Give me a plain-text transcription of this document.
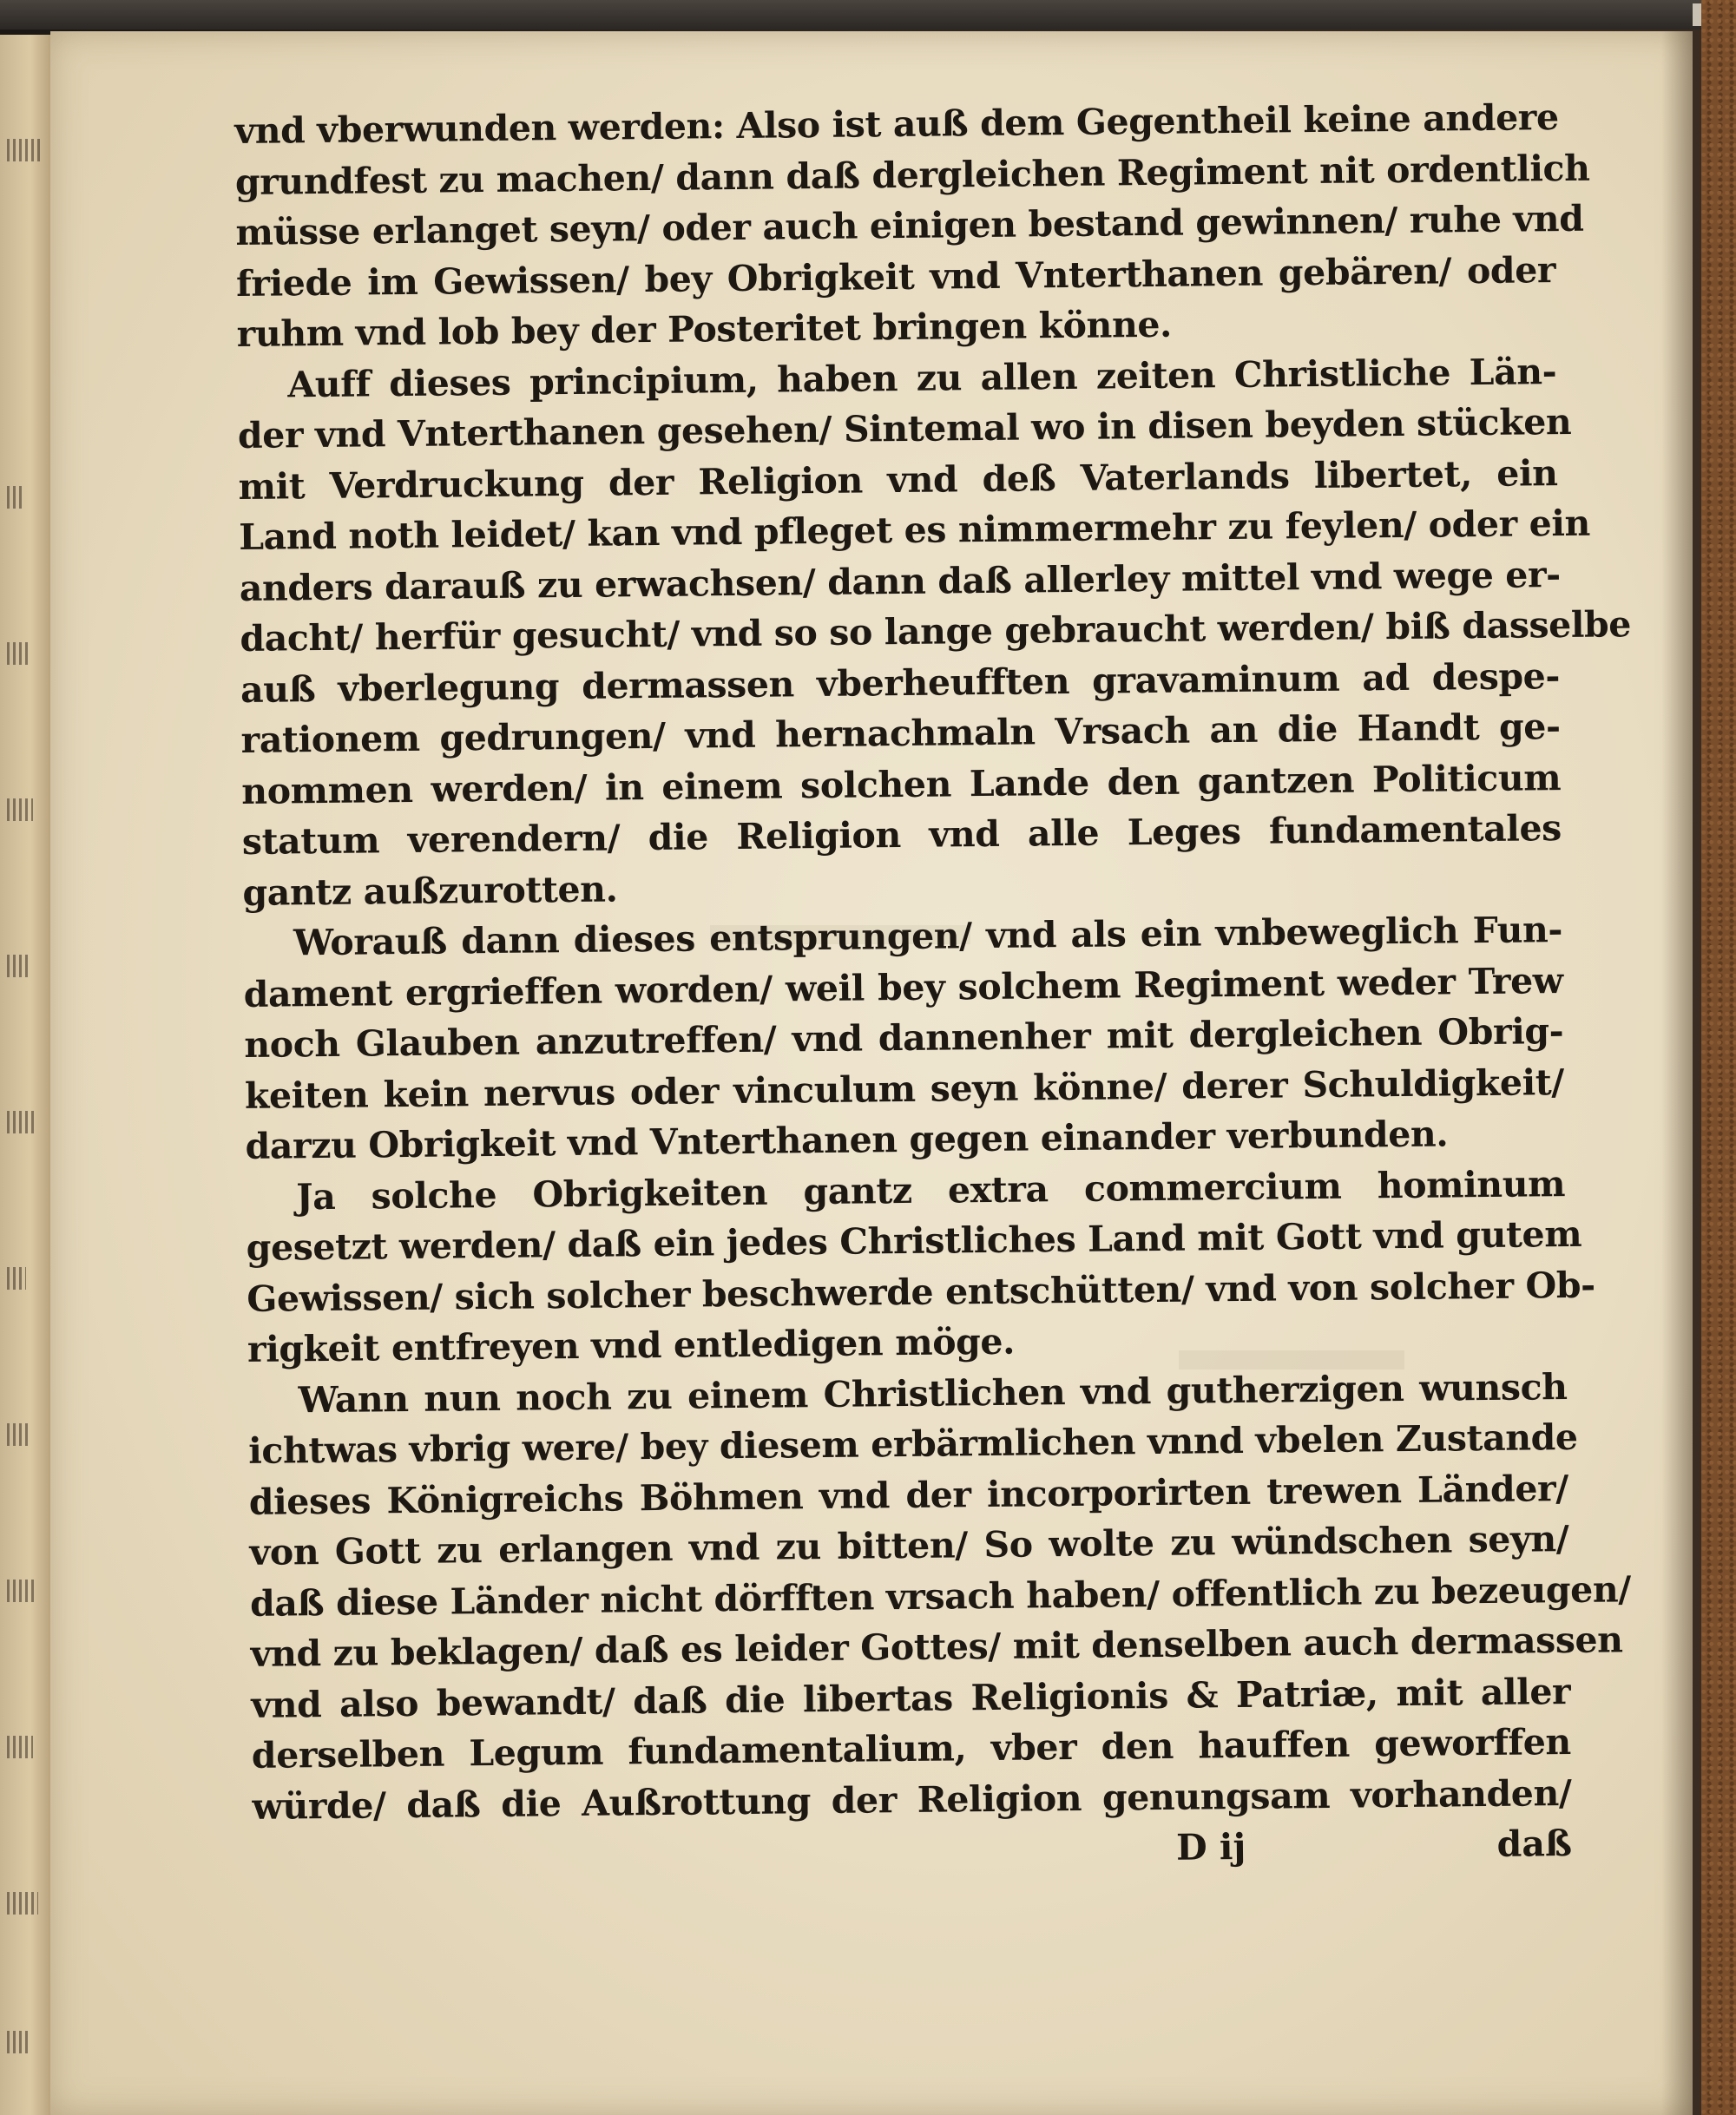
vnd vberwunden werden: Also ist auß dem Gegentheil keine andere
grundfest zu machen/ dann daß dergleichen Regiment nit ordentlich
müsse erlanget seyn/ oder auch einigen bestand gewinnen/ ruhe vnd
friede im Gewissen/ bey Obrigkeit vnd Vnterthanen gebären/ oder
ruhm vnd lob bey der Posteritet bringen könne.
Auff dieses principium, haben zu allen zeiten Christliche Län-
der vnd Vnterthanen gesehen/ Sintemal wo in disen beyden stücken
mit Verdruckung der Religion vnd deß Vaterlands libertet, ein
Land noth leidet/ kan vnd pfleget es nimmermehr zu feylen/ oder ein
anders darauß zu erwachsen/ dann daß allerley mittel vnd wege er-
dacht/ herfür gesucht/ vnd so so lange gebraucht werden/ biß dasselbe
auß vberlegung dermassen vberheufften gravaminum ad despe-
rationem gedrungen/ vnd hernachmaln Vrsach an die Handt ge-
nommen werden/ in einem solchen Lande den gantzen Politicum
statum verendern/ die Religion vnd alle Leges fundamentales
gantz außzurotten.
Worauß dann dieses entsprungen/ vnd als ein vnbeweglich Fun-
dament ergrieffen worden/ weil bey solchem Regiment weder Trew
noch Glauben anzutreffen/ vnd dannenher mit dergleichen Obrig-
keiten kein nervus oder vinculum seyn könne/ derer Schuldigkeit/
darzu Obrigkeit vnd Vnterthanen gegen einander verbunden.
Ja solche Obrigkeiten gantz extra commercium hominum
gesetzt werden/ daß ein jedes Christliches Land mit Gott vnd gutem
Gewissen/ sich solcher beschwerde entschütten/ vnd von solcher Ob-
rigkeit entfreyen vnd entledigen möge.
Wann nun noch zu einem Christlichen vnd gutherzigen wunsch
ichtwas vbrig were/ bey diesem erbärmlichen vnnd vbelen Zustande
dieses Königreichs Böhmen vnd der incorporirten trewen Länder/
von Gott zu erlangen vnd zu bitten/ So wolte zu wündschen seyn/
daß diese Länder nicht dörfften vrsach haben/ offentlich zu bezeugen/
vnd zu beklagen/ daß es leider Gottes/ mit denselben auch dermassen
vnd also bewandt/ daß die libertas Religionis & Patriæ, mit aller
derselben Legum fundamentalium, vber den hauffen geworffen
würde/ daß die Außrottung der Religion genungsam vorhanden/
D ij	daß
